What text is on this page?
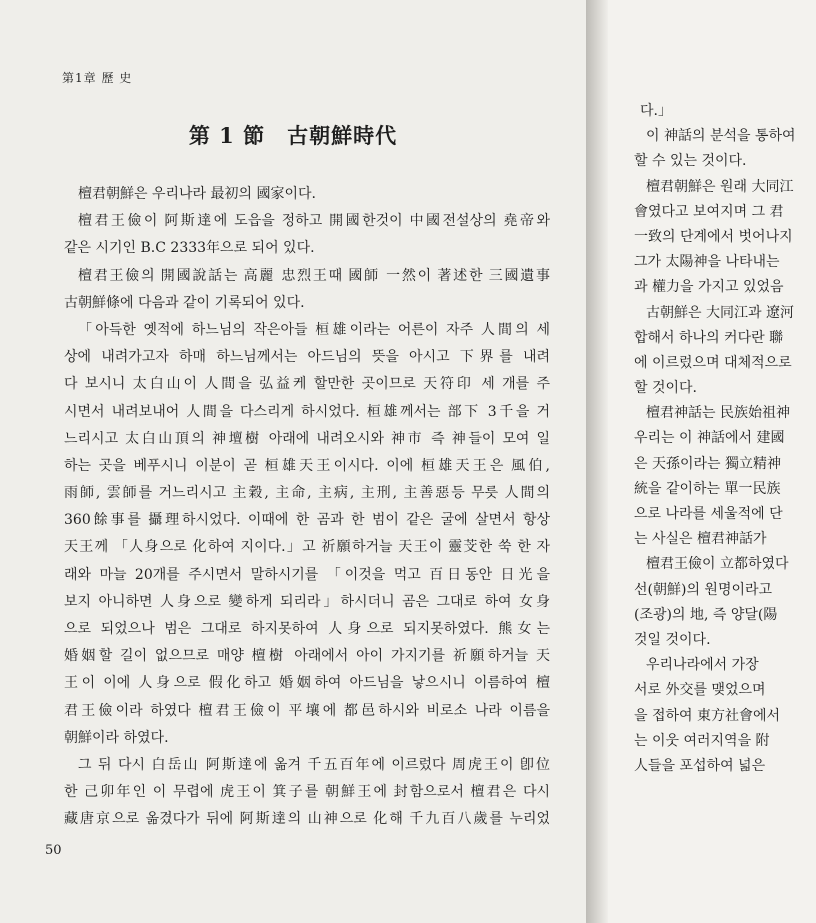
第1章 歷 史
第 1 節　古朝鮮時代
檀君朝鮮은 우리나라 最初의 國家이다.
檀君王儉이 阿斯達에 도읍을 정하고 開國한것이 中國전설상의 堯帝와
같은 시기인 B.C 2333年으로 되어 있다.
檀君王儉의 開國說話는 高麗 忠烈王때 國師 一然이 著述한 三國遺事
古朝鮮條에 다음과 같이 기록되어 있다.
「아득한 옛적에 하느님의 작은아들 桓雄이라는 어른이 자주 人間의 세
상에 내려가고자 하매 하느님께서는 아드님의 뜻을 아시고 下界를 내려
다 보시니 太白山이 人間을 弘益케 할만한 곳이므로 天符印 세 개를 주
시면서 내려보내어 人間을 다스리게 하시었다. 桓雄께서는 部下 3千을 거
느리시고 太白山頂의 神壇樹 아래에 내려오시와 神市 즉 神들이 모여 일
하는 곳을 베푸시니 이분이 곧 桓雄天王이시다. 이에 桓雄天王은 風伯,
雨師, 雲師를 거느리시고 主穀, 主命, 主病, 主刑, 主善惡등 무릇 人間의
360餘事를 攝理하시었다. 이때에 한 곰과 한 범이 같은 굴에 살면서 항상
天王께 「人身으로 化하여 지이다.」고 祈願하거늘 天王이 靈芠한 쑥 한 자
래와 마늘 20개를 주시면서 말하시기를 「이것을 먹고 百日동안 日光을
보지 아니하면 人身으로 變하게 되리라」하시더니 곰은 그대로 하여 女身
으로 되었으나 범은 그대로 하지못하여 人身으로 되지못하였다. 熊女는
婚姻할 길이 없으므로 매양 檀樹 아래에서 아이 가지기를 祈願하거늘 天
王이 이에 人身으로 假化하고 婚姻하여 아드님을 낳으시니 이름하여 檀
君王儉이라 하였다 檀君王儉이 平壤에 都邑하시와 비로소 나라 이름을
朝鮮이라 하였다.
그 뒤 다시 白岳山 阿斯達에 옮겨 千五百年에 이르렀다 周虎王이 卽位
한 己卯年인 이 무렵에 虎王이 箕子를 朝鮮王에 封함으로서 檀君은 다시
藏唐京으로 옮겼다가 뒤에 阿斯達의 山神으로 化해 千九百八歲를 누리었
50
다.」
이 神話의 분석을 통하여
할 수 있는 것이다.
檀君朝鮮은 원래 大同江
會였다고 보여지며 그 君
一致의 단계에서 벗어나지
그가 太陽神을 나타내는
과 權力을 가지고 있었음
古朝鮮은 大同江과 遼河
합해서 하나의 커다란 聯
에 이르렀으며 대체적으로
할 것이다.
檀君神話는 民族始祖神
우리는 이 神話에서 建國
은 天孫이라는 獨立精神
統을 같이하는 單一民族
으로 나라를 세울적에 단
는 사실은 檀君神話가
檀君王儉이 立都하였다
선(朝鮮)의 원명이라고
(조광)의 地, 즉 양달(陽
것일 것이다.
우리나라에서 가장
서로 外交를 맺었으며
을 접하여 東方社會에서
는 이웃 여러지역을 附
人들을 포섭하여 넓은
